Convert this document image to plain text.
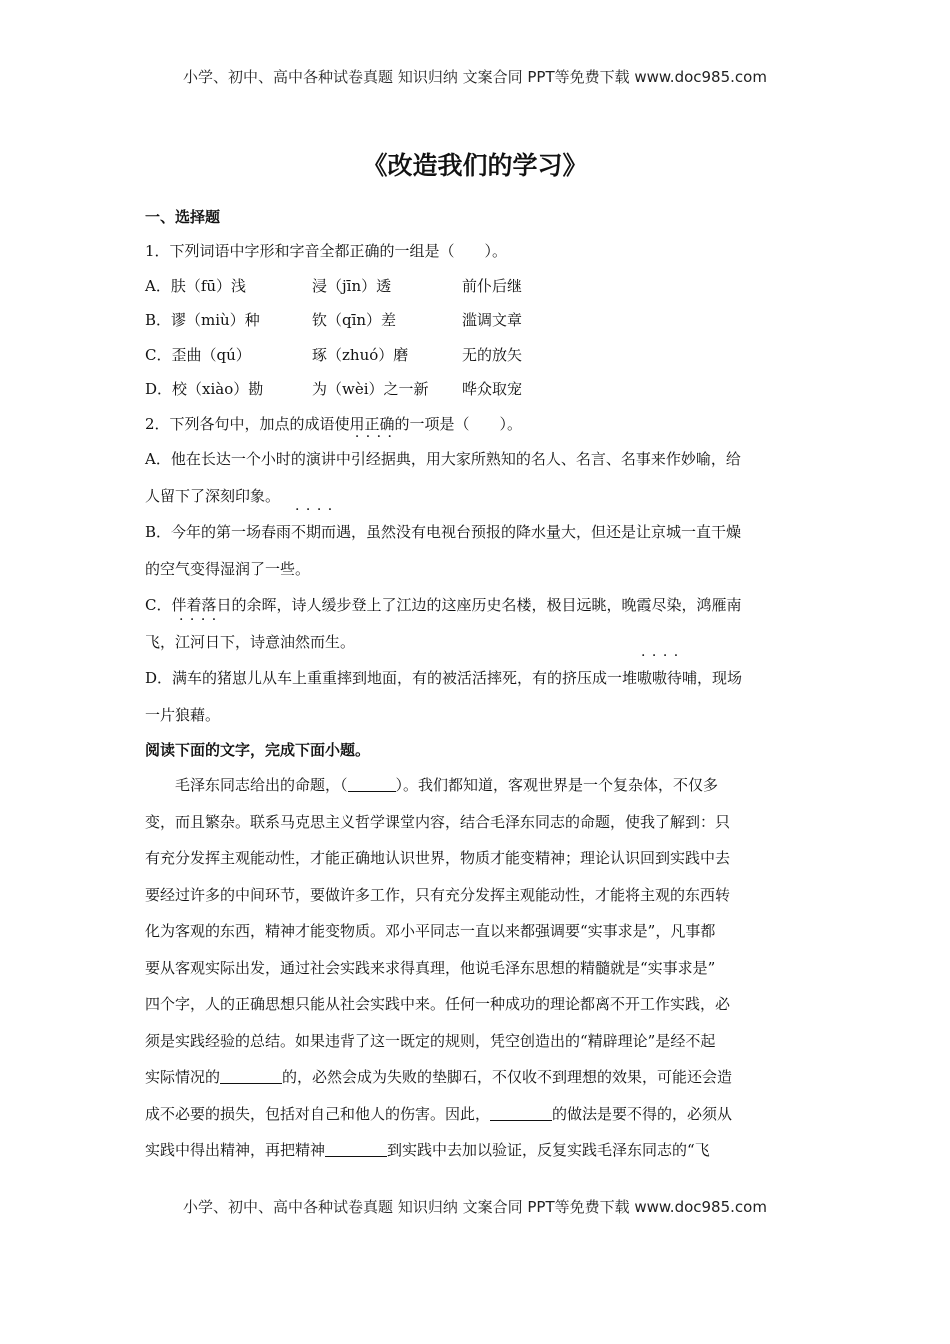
小学、初中、高中各种试卷真题 知识归纳 文案合同 PPT等免费下载 www.doc985.com
《改造我们的学习》
一、选择题
1．下列词语中字形和字音全都正确的一组是（　　）。
A．肤（fū）浅	浸（jīn）透	前仆后继
B．谬（miù）种	钦（qīn）差	滥调文章
C．歪曲（qú）	琢（zhuó）磨	无的放矢
D．校（xiào）勘	为（wèi）之一新 哗众取宠
2．下列各句中，加点的成语使用正确的一项是（　　）。
A．他在长达一个小时的演讲中· · · · 引经据典，用大家所熟知的名人、名言、名事来作妙喻，给
人留下了深刻印象。
B．今年的第一场春雨· · · · 不期而遇，虽然没有电视台预报的降水量大，但还是让京城一直干燥
的空气变得湿润了一些。
C．伴着落日的余晖，诗人缓步登上了江边的这座历史名楼，极目远眺，晚霞尽染，鸿雁南
飞，· · · · 江河日下，诗意油然而生。
D．满车的猪崽儿从车上重重摔到地面，有的被活活摔死，有的挤压成一堆· · · · 嗷嗷待哺，现场
一片狼藉。
阅读下面的文字，完成下面小题。
毛泽东同志给出的命题，（	）。我们都知道，客观世界是一个复杂体，不仅多
变，而且繁杂。联系马克思主义哲学课堂内容，结合毛泽东同志的命题，使我了解到：只
有充分发挥主观能动性，才能正确地认识世界，物质才能变精神；理论认识回到实践中去
要经过许多的中间环节，要做许多工作，只有充分发挥主观能动性，才能将主观的东西转
化为客观的东西，精神才能变物质。邓小平同志一直以来都强调要“实事求是”，凡事都
要从客观实际出发，通过社会实践来求得真理，他说毛泽东思想的精髓就是“实事求是”
四个字，人的正确思想只能从社会实践中来。任何一种成功的理论都离不开工作实践，必
须是实践经验的总结。如果违背了这一既定的规则，凭空创造出的“精辟理论”是经不起
实际情况的	的，必然会成为失败的垫脚石，不仅收不到理想的效果，可能还会造
成不必要的损失，包括对自己和他人的伤害。因此，	的做法是要不得的，必须从
实践中得出精神，再把精神	到实践中去加以验证，反复实践毛泽东同志的“飞
小学、初中、高中各种试卷真题 知识归纳 文案合同 PPT等免费下载 www.doc985.com
